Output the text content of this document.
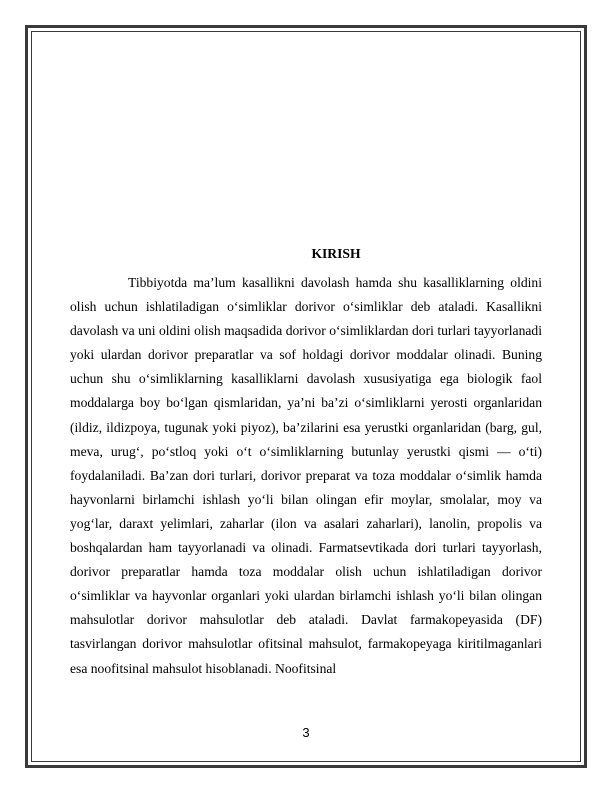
KIRISH

Tibbiyotda ma’lum kasallikni davolash hamda shu kasalliklarning oldini olish uchun ishlatiladigan o‘simliklar dorivor o‘simliklar deb ataladi. Kasallikni davolash va uni oldini olish maqsadida dorivor o‘simliklardan dori turlari tayyorlanadi yoki ulardan dorivor preparatlar va sof holdagi dorivor moddalar olinadi. Buning uchun shu o‘simliklarning kasalliklarni davolash xususiyatiga ega biologik faol moddalarga boy bo‘lgan qismlaridan, ya’ni ba’zi o‘simliklarni yerosti organlaridan (ildiz, ildizpoya, tugunak yoki piyoz), ba’zilarini esa yerustki organlaridan (barg, gul, meva, urug‘, po‘stloq yoki o‘t o‘simliklarning butunlay yerustki qismi — o‘ti) foydalaniladi. Ba’zan dori turlari, dorivor preparat va toza moddalar o‘simlik hamda hayvonlarni birlamchi ishlash yo‘li bilan olingan efir moylar, smolalar, moy va yog‘lar, daraxt yelimlari, zaharlar (ilon va asalari zaharlari), lanolin, propolis va boshqalardan ham tayyorlanadi va olinadi. Farmatsevtikada dori turlari tayyorlash, dorivor preparatlar hamda toza moddalar olish uchun ishlatiladigan dorivor o‘simliklar va hayvonlar organlari yoki ulardan birlamchi ishlash yo‘li bilan olingan mahsulotlar dorivor mahsulotlar deb ataladi. Davlat farmakopeyasida (DF) tasvirlangan dorivor mahsulotlar ofitsinal mahsulot, farmakopeyaga kiritilmaganlari esa noofitsinal mahsulot hisoblanadi. Noofitsinal

3
